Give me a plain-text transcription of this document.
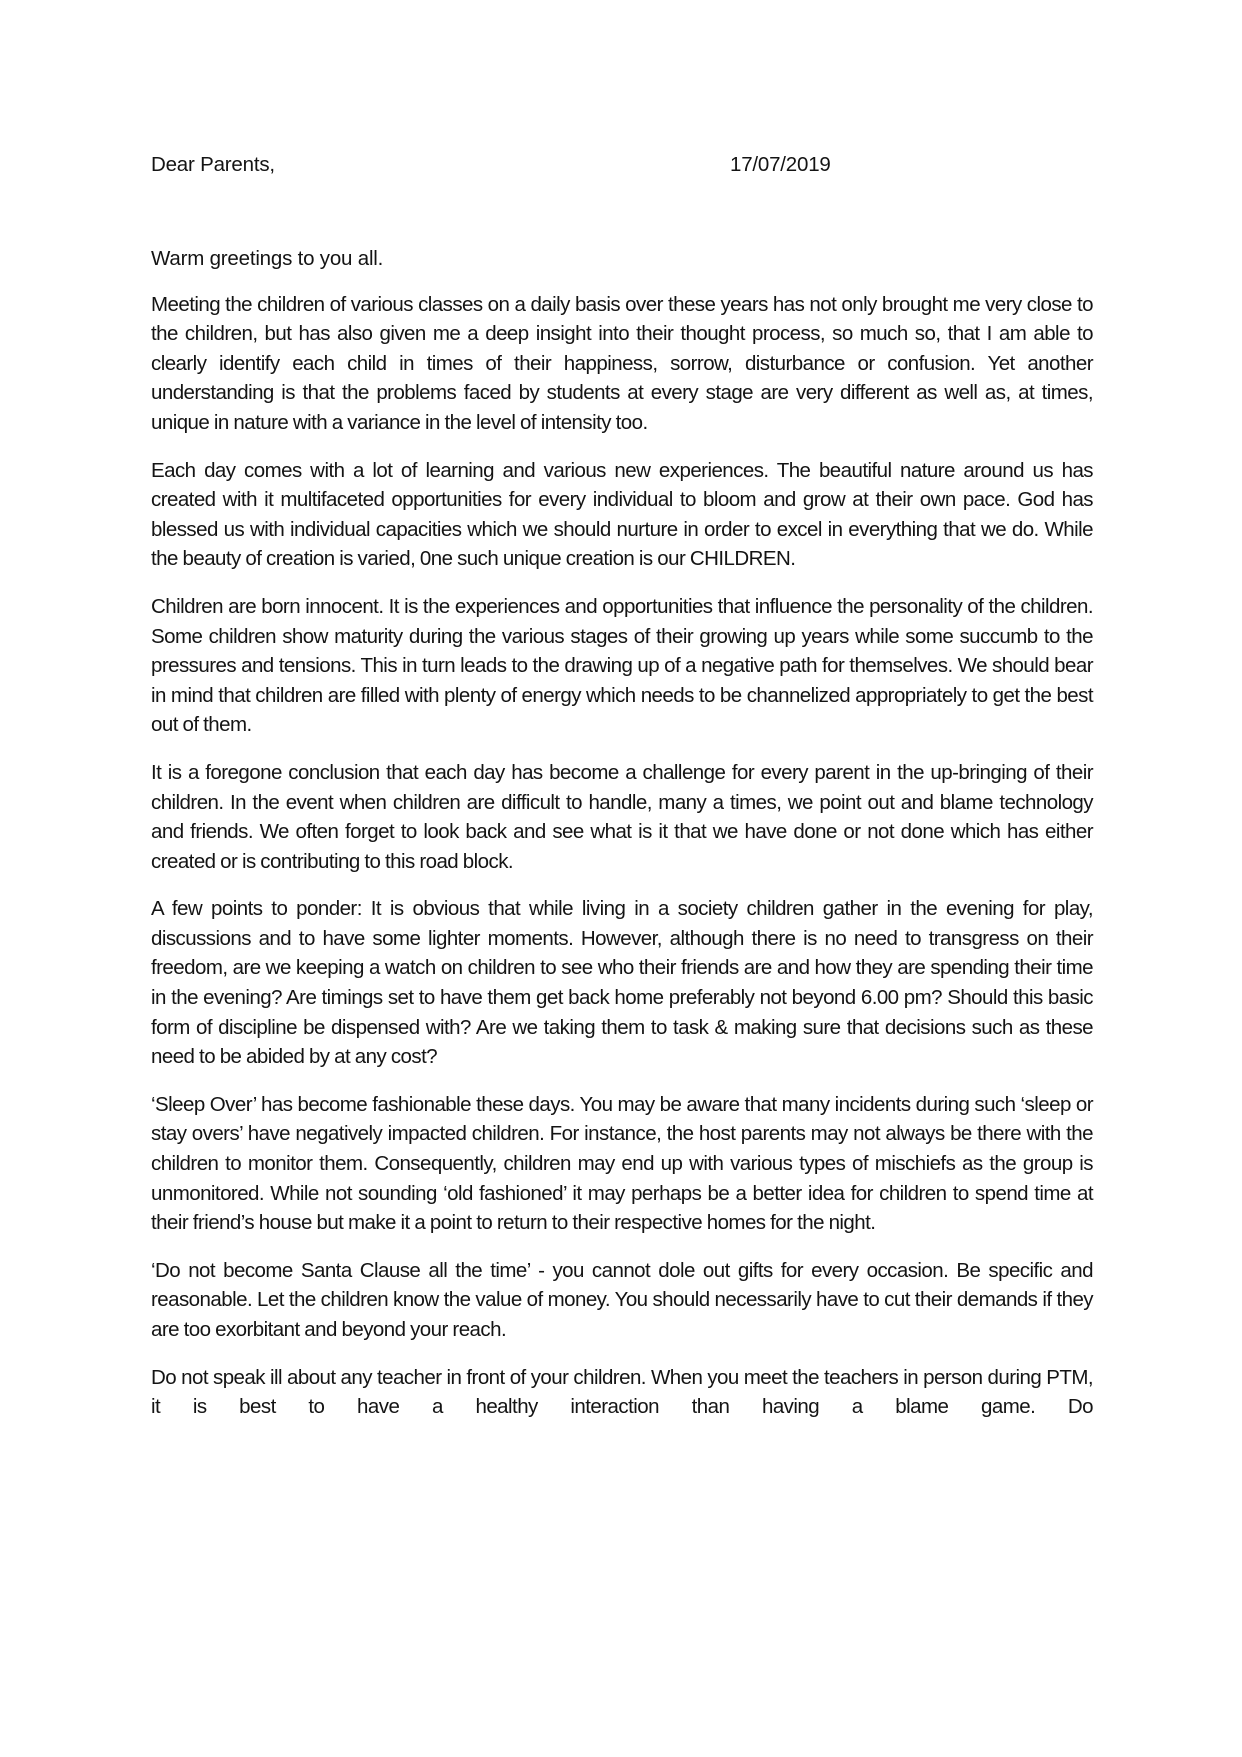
Dear Parents,	17/07/2019

Warm greetings to you all.

Meeting the children of various classes on a daily basis over these years has not only brought me very close to the children, but has also given me a deep insight into their thought process, so much so, that I am able to clearly identify each child in times of their happiness, sorrow, disturbance or confusion. Yet another understanding is that the problems faced by students at every stage are very different as well as, at times, unique in nature with a variance in the level of intensity too.

Each day comes with a lot of learning and various new experiences. The beautiful nature around us has created with it multifaceted opportunities for every individual to bloom and grow at their own pace. God has blessed us with individual capacities which we should nurture in order to excel in everything that we do. While the beauty of creation is varied, 0ne such unique creation is our CHILDREN.

Children are born innocent. It is the experiences and opportunities that influence the personality of the children. Some children show maturity during the various stages of their growing up years while some succumb to the pressures and tensions. This in turn leads to the drawing up of a negative path for themselves. We should bear in mind that children are filled with plenty of energy which needs to be channelized appropriately to get the best out of them.

It is a foregone conclusion that each day has become a challenge for every parent in the up-bringing of their children. In the event when children are difficult to handle, many a times, we point out and blame technology and friends. We often forget to look back and see what is it that we have done or not done which has either created or is contributing to this road block.

A few points to ponder: It is obvious that while living in a society children gather in the evening for play, discussions and to have some lighter moments. However, although there is no need to transgress on their freedom, are we keeping a watch on children to see who their friends are and how they are spending their time in the evening? Are timings set to have them get back home preferably not beyond 6.00 pm? Should this basic form of discipline be dispensed with? Are we taking them to task & making sure that decisions such as these need to be abided by at any cost?

‘Sleep Over’ has become fashionable these days. You may be aware that many incidents during such ‘sleep or stay overs’ have negatively impacted children. For instance, the host parents may not always be there with the children to monitor them. Consequently, children may end up with various types of mischiefs as the group is unmonitored. While not sounding ‘old fashioned’ it may perhaps be a better idea for children to spend time at their friend’s house but make it a point to return to their respective homes for the night.

‘Do not become Santa Clause all the time’ - you cannot dole out gifts for every occasion. Be specific and reasonable. Let the children know the value of money. You should necessarily have to cut their demands if they are too exorbitant and beyond your reach.

Do not speak ill about any teacher in front of your children. When you meet the teachers in person during PTM, it is best to have a healthy interaction than having a blame game. Do
